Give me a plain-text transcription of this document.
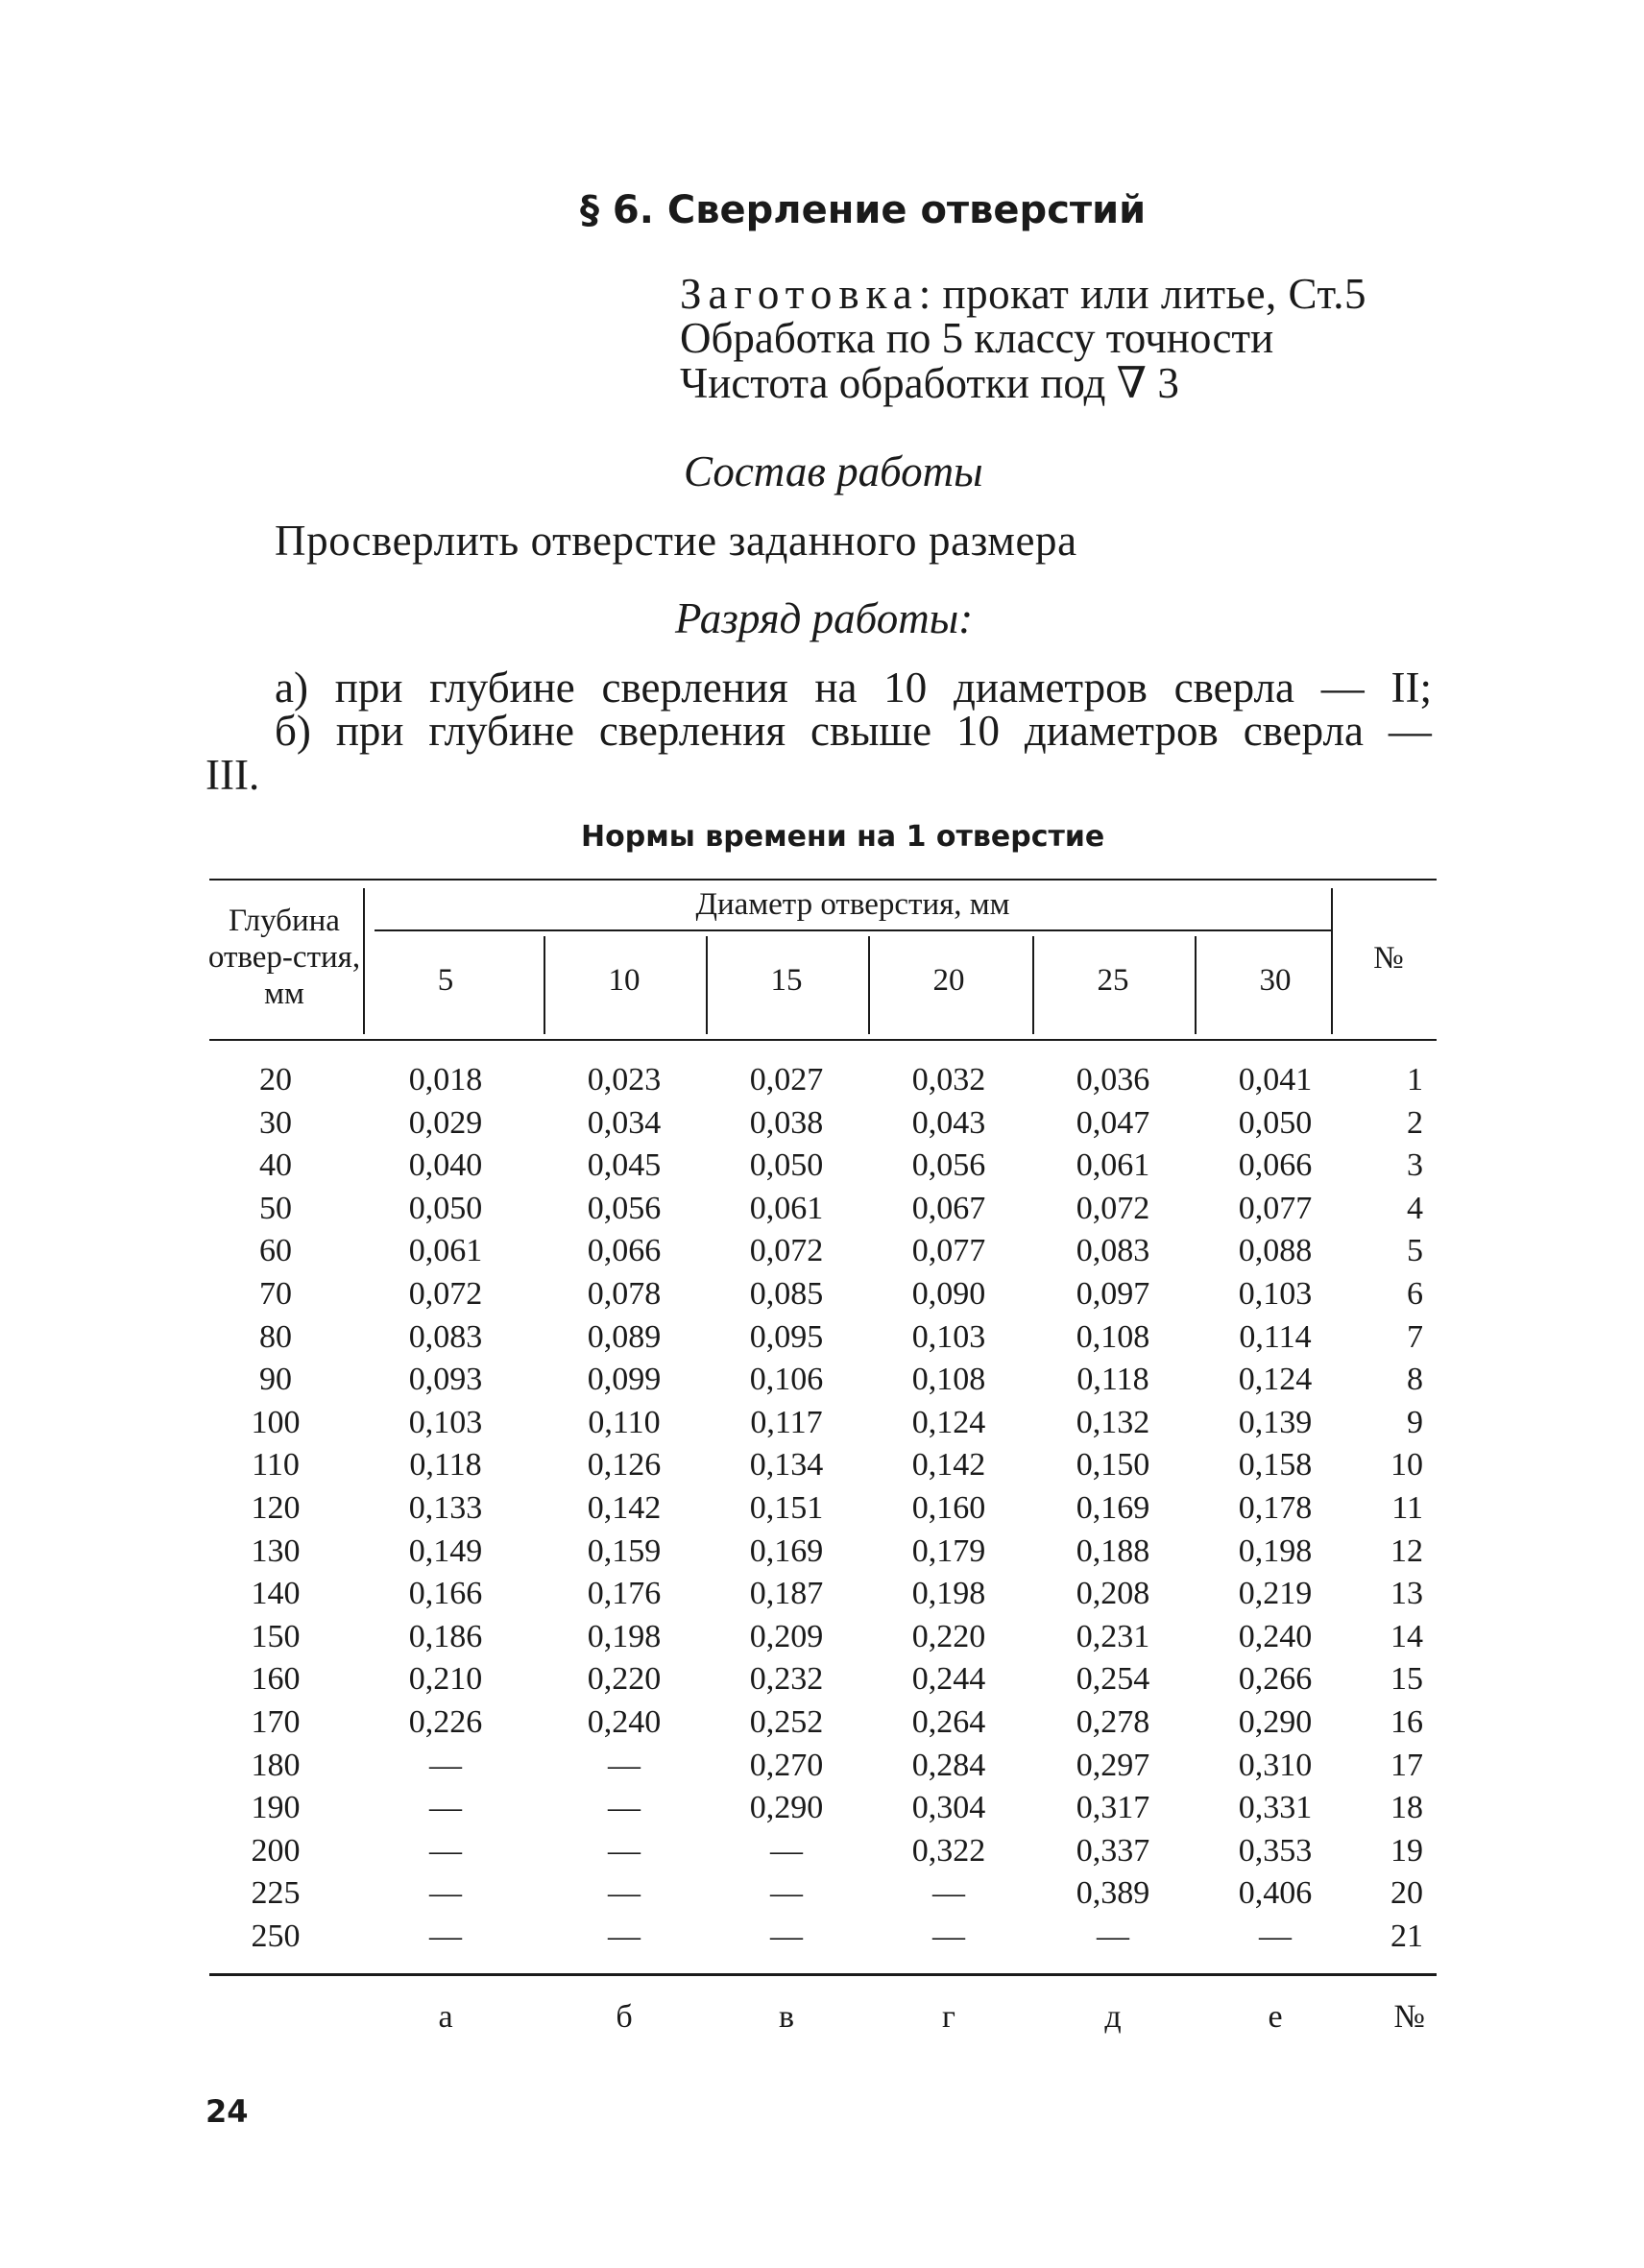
§ 6. Сверление отверстий
Заготовка: прокат или литье, Ст.5
Обработка по 5 классу точности
Чистота обработки под ∇ 3
Состав работы
Просверлить отверстие заданного размера
Разряд работы:
а) при глубине сверления на 10 диаметров сверла — II;
б) при глубине сверления свыше 10 диаметров сверла —
III.
Нормы времени на 1 отверстие
Глубина отвер-стия, мм
Диаметр отверстия, мм
№
5	10	15	20	25	30
20	0,018	0,023	0,027	0,032	0,036	0,041	1
30	0,029	0,034	0,038	0,043	0,047	0,050	2
40	0,040	0,045	0,050	0,056	0,061	0,066	3
50	0,050	0,056	0,061	0,067	0,072	0,077	4
60	0,061	0,066	0,072	0,077	0,083	0,088	5
70	0,072	0,078	0,085	0,090	0,097	0,103	6
80	0,083	0,089	0,095	0,103	0,108	0,114	7
90	0,093	0,099	0,106	0,108	0,118	0,124	8
100	0,103	0,110	0,117	0,124	0,132	0,139	9
110	0,118	0,126	0,134	0,142	0,150	0,158	10
120	0,133	0,142	0,151	0,160	0,169	0,178	11
130	0,149	0,159	0,169	0,179	0,188	0,198	12
140	0,166	0,176	0,187	0,198	0,208	0,219	13
150	0,186	0,198	0,209	0,220	0,231	0,240	14
160	0,210	0,220	0,232	0,244	0,254	0,266	15
170	0,226	0,240	0,252	0,264	0,278	0,290	16
180	—	—	0,270	0,284	0,297	0,310	17
190	—	—	0,290	0,304	0,317	0,331	18
200	—	—	—	0,322	0,337	0,353	19
225	—	—	—	—	0,389	0,406	20
250	—	—	—	—	—	—	21
а	б	в	г	д	е	№
24
